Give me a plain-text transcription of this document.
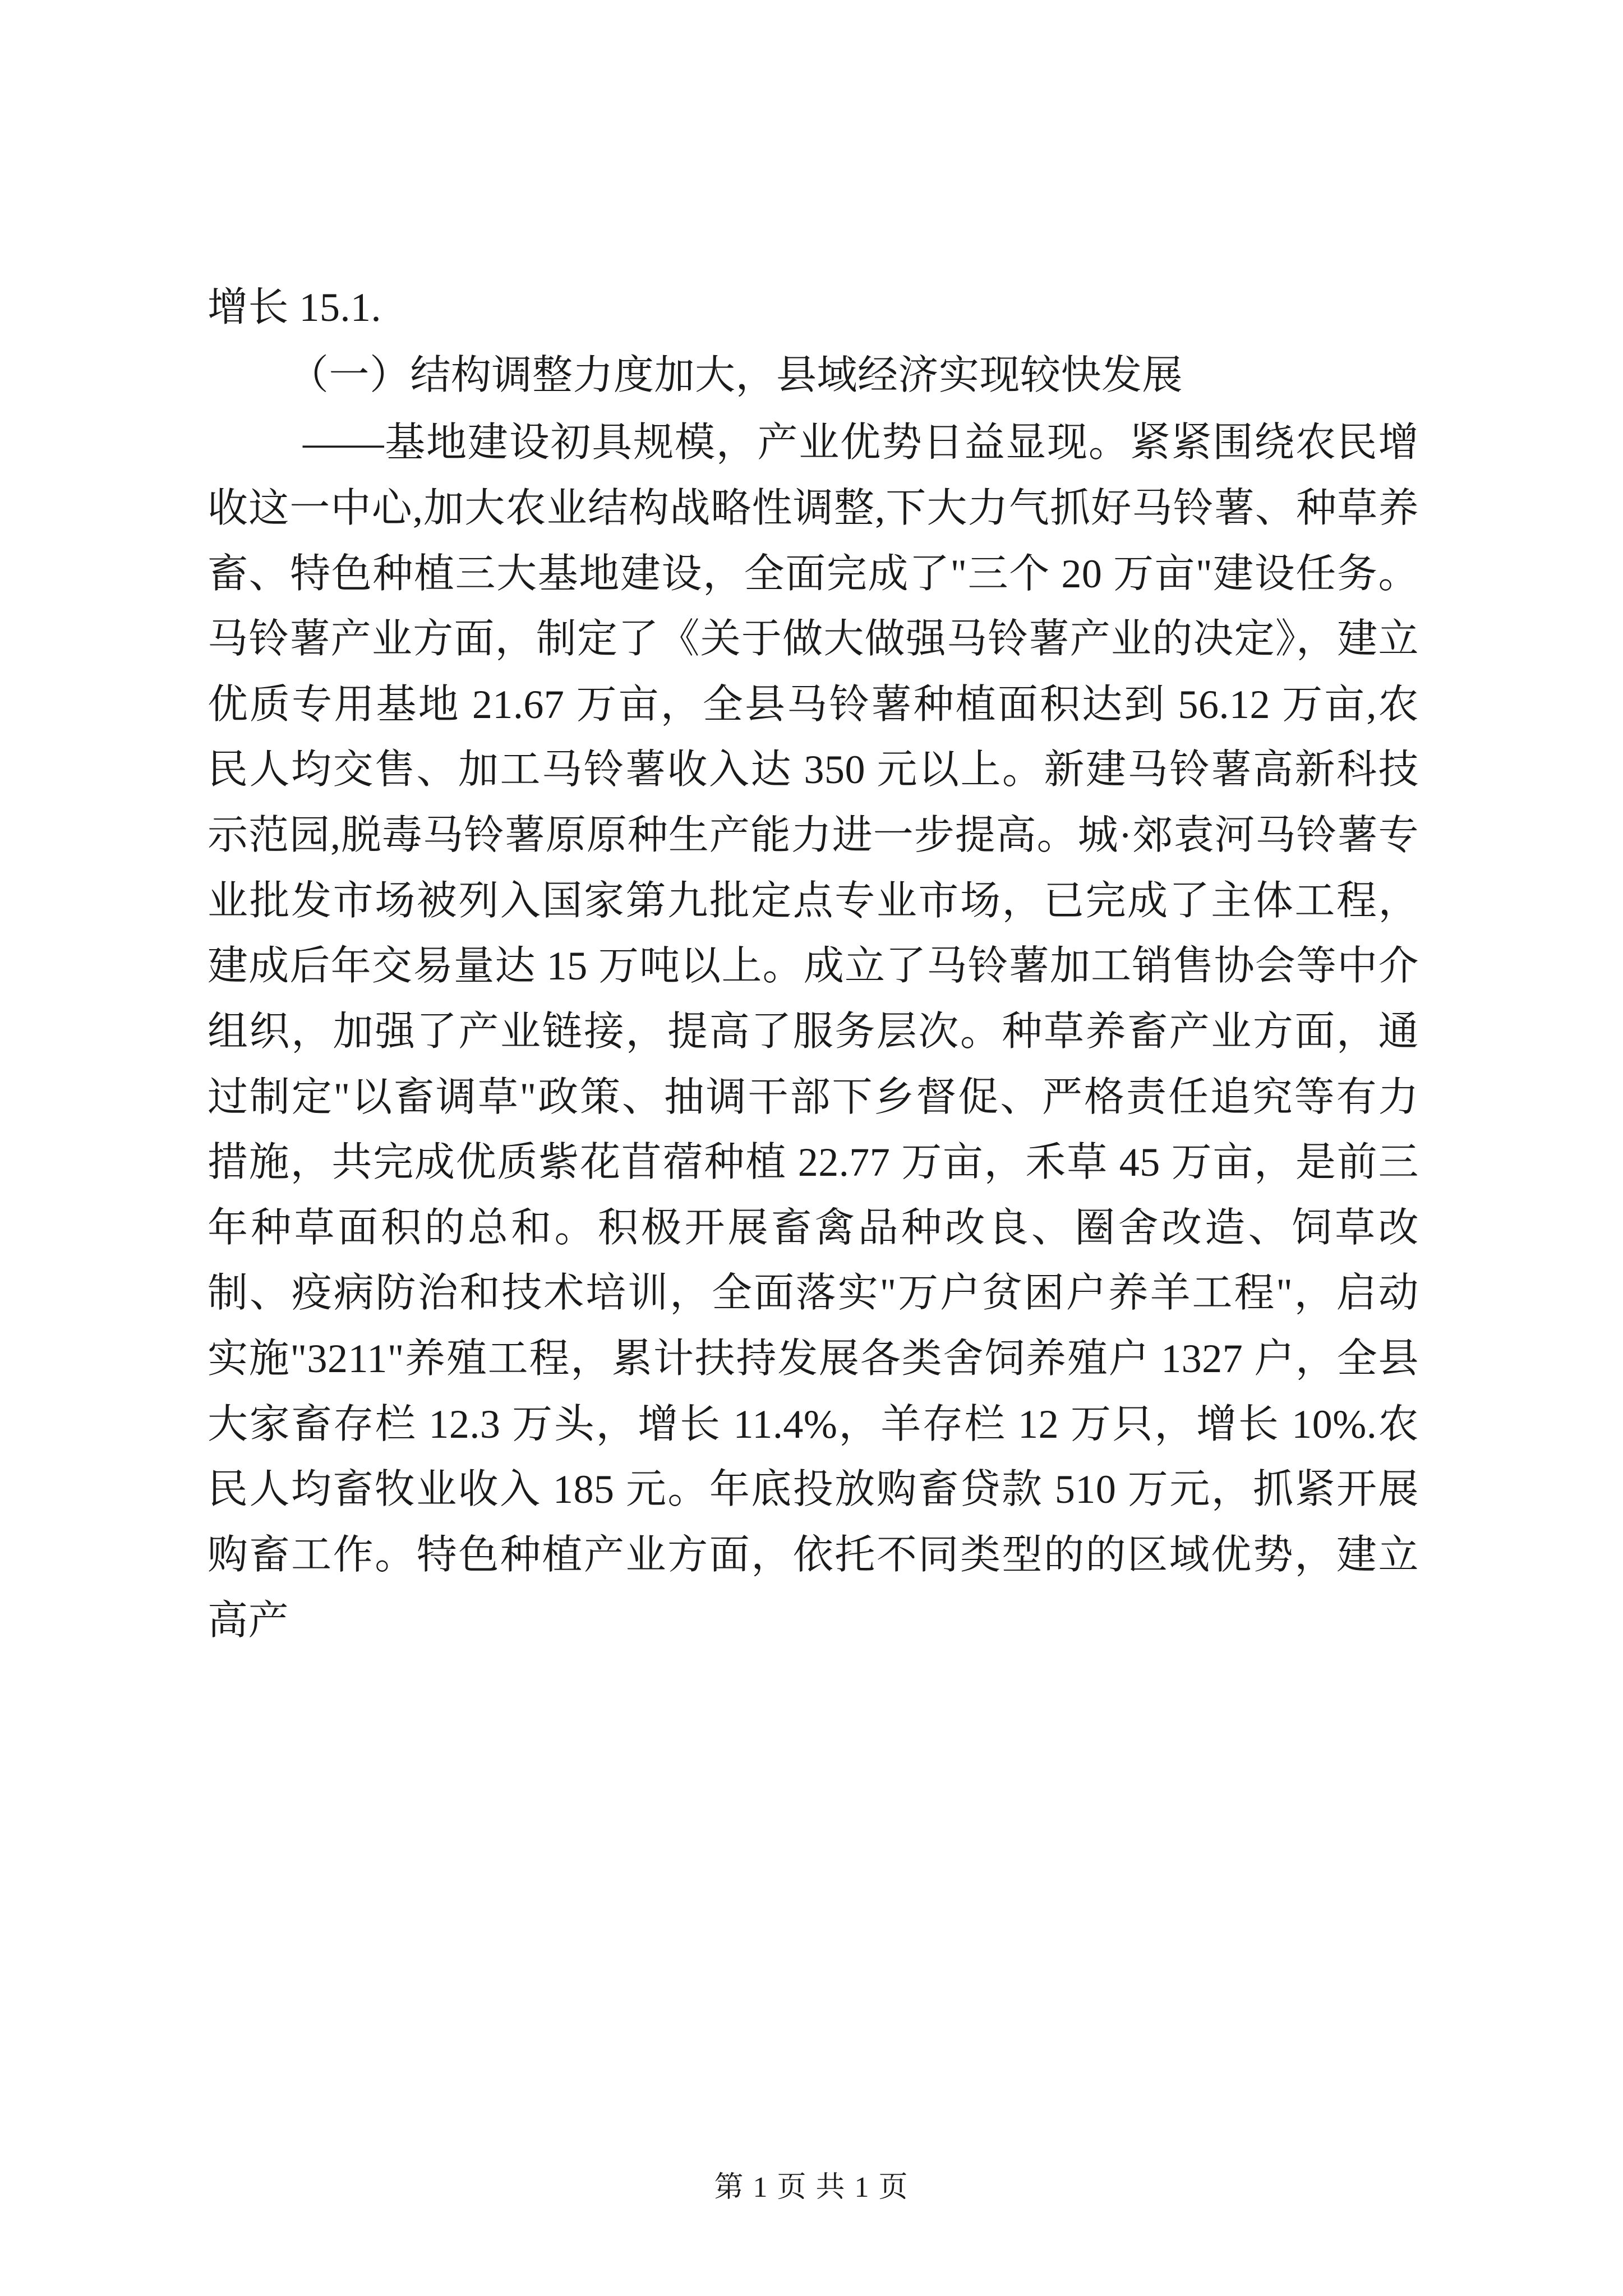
增长 15.1.

（一）结构调整力度加大，县域经济实现较快发展

——基地建设初具规模，产业优势日益显现。紧紧围绕农民增收这一中心,加大农业结构战略性调整,下大力气抓好马铃薯、种草养畜、特色种植三大基地建设，全面完成了"三个 20 万亩"建设任务。马铃薯产业方面，制定了《关于做大做强马铃薯产业的决定》，建立优质专用基地 21.67 万亩，全县马铃薯种植面积达到 56.12 万亩,农民人均交售、加工马铃薯收入达 350 元以上。新建马铃薯高新科技示范园,脱毒马铃薯原原种生产能力进一步提高。城·郊袁河马铃薯专业批发市场被列入国家第九批定点专业市场，已完成了主体工程，建成后年交易量达 15 万吨以上。成立了马铃薯加工销售协会等中介组织，加强了产业链接，提高了服务层次。种草养畜产业方面，通过制定"以畜调草"政策、抽调干部下乡督促、严格责任追究等有力措施，共完成优质紫花苜蓿种植 22.77 万亩，禾草 45 万亩，是前三年种草面积的总和。积极开展畜禽品种改良、圈舍改造、饲草改制、疫病防治和技术培训，全面落实"万户贫困户养羊工程"，启动实施"3211"养殖工程，累计扶持发展各类舍饲养殖户 1327 户，全县大家畜存栏 12.3 万头，增长 11.4%，羊存栏 12 万只，增长 10%.农民人均畜牧业收入 185 元。年底投放购畜贷款 510 万元，抓紧开展购畜工作。特色种植产业方面，依托不同类型的的区域优势，建立高产

第 1 页 共 1 页
